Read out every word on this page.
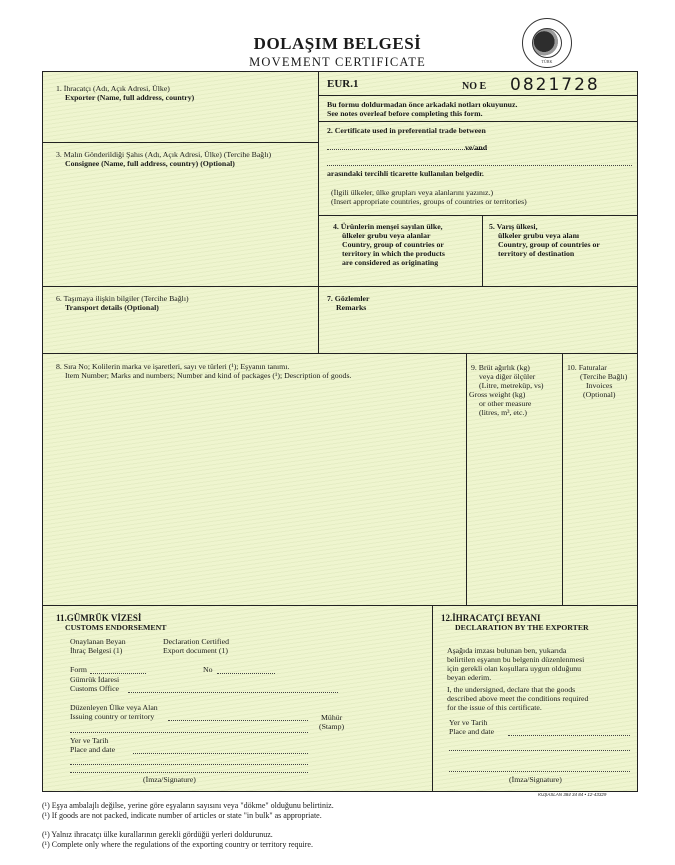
DOLAŞIM BELGESİ
MOVEMENT CERTIFICATE	TÜRK
EUR.1	NO E 0821728
Bu formu doldurmadan önce arkadaki notları okuyunuz.
See notes overleaf before completing this form.
1. İhracatçı (Adı, Açık Adresi, Ülke)
Exporter (Name, full address, country)
2. Certificate used in preferential trade between
ve/and
arasındaki tercihli ticarette kullanılan belgedir.
(İlgili ülkeler, ülke grupları veya alanlarını yazınız.)
(Insert appropriate countries, groups of countries or territories)
3. Malın Gönderildiği Şahıs (Adı, Açık Adresi, Ülke) (Tercihe Bağlı)
Consignee (Name, full address, country) (Optional)
4. Ürünlerin menşei sayılan ülke,
ülkeler grubu veya alanlar
Country, group of countries or
territory in which the products
are considered as originating
5. Varış ülkesi,
ülkeler grubu veya alanı
Country, group of countries or
territory of destination
6. Taşımaya ilişkin bilgiler (Tercihe Bağlı)
Transport details (Optional)
7. Gözlemler
Remarks
8. Sıra No; Kolilerin marka ve işaretleri, sayı ve türleri (¹); Eşyanın tanımı.
Item Number; Marks and numbers; Number and kind of packages (¹); Description of goods.
9. Brüt ağırlık (kg)
veya diğer ölçüler
(Litre, metreküp, vs)
Gross weight (kg)
or other measure
(litres, m³, etc.)
10. Faturalar
(Tercihe Bağlı)
Invoices
(Optional)
11.GÜMRÜK VİZESİ
CUSTOMS ENDORSEMENT
Onaylanan Beyan
İhraç Belgesi (1)
Declaration Certified
Export document (1)
Form	No
Gümrük İdaresi
Customs Office
Düzenleyen Ülke veya Alan
Issuing country or territory	Mühür
(Stamp)
Yer ve Tarih
Place and date
(İmza/Signature)
12.İHRACATÇI BEYANI
DECLARATION BY THE EXPORTER
Aşağıda imzası bulunan ben, yukarıda
belirtilen eşyanın bu belgenin düzenlenmesi
için gerekli olan koşullara uygun olduğunu
beyan ederim.
I, the undersigned, declare that the goods
described above meet the conditions required
for the issue of this certificate.
Yer ve Tarih
Place and date
(İmza/Signature)
KUŞASLAN 384 34 84 • 12-43329
(¹) Eşya ambalajlı değilse, yerine göre eşyaların sayısını veya "dökme" olduğunu belirtiniz.
(¹) If goods are not packed, indicate number of articles or state "in bulk" as appropriate.
(¹) Yalnız ihracatçı ülke kurallarının gerekli gördüğü yerleri doldurunuz.
(¹) Complete only where the regulations of the exporting country or territory require.
